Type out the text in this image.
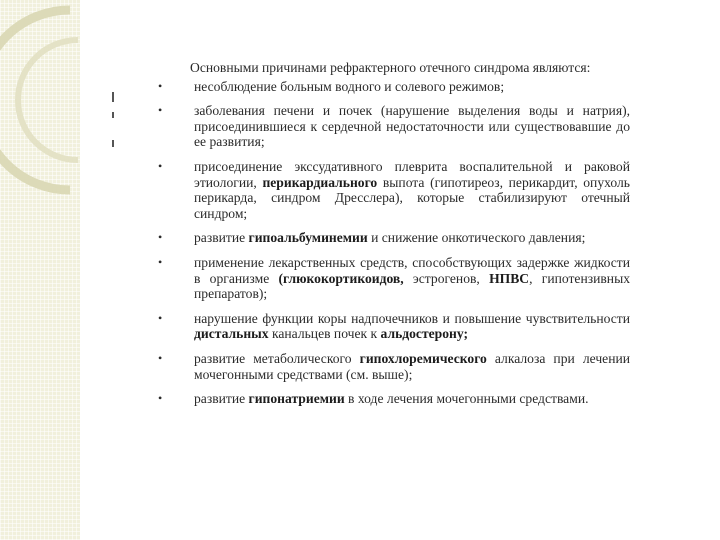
Основными причинами рефрактерного отечного синдрома являются:

• несоблюдение больным водного и солевого режимов;
• заболевания печени и почек (нарушение выделения воды и натрия), присоединившиеся к сердечной недостаточности или существовавшие до ее развития;
• присоединение экссудативного плеврита воспалительной и раковой этиологии, перикардиального выпота (гипотиреоз, перикардит, опухоль перикарда, синдром Дресслера), которые стабилизируют отечный синдром;
• развитие гипоальбуминемии и снижение онкотического давления;
• применение лекарственных средств, способствующих задержке жидкости в организме (глюкокортикоидов, эстрогенов, НПВС, гипотензивных препаратов);
• нарушение функции коры надпочечников и повышение чувствительности дистальных канальцев почек к альдостерону;
• развитие метаболического гипохлоремического алкалоза при лечении мочегонными средствами (см. выше);
• развитие гипонатриемии в ходе лечения мочегонными средствами.
